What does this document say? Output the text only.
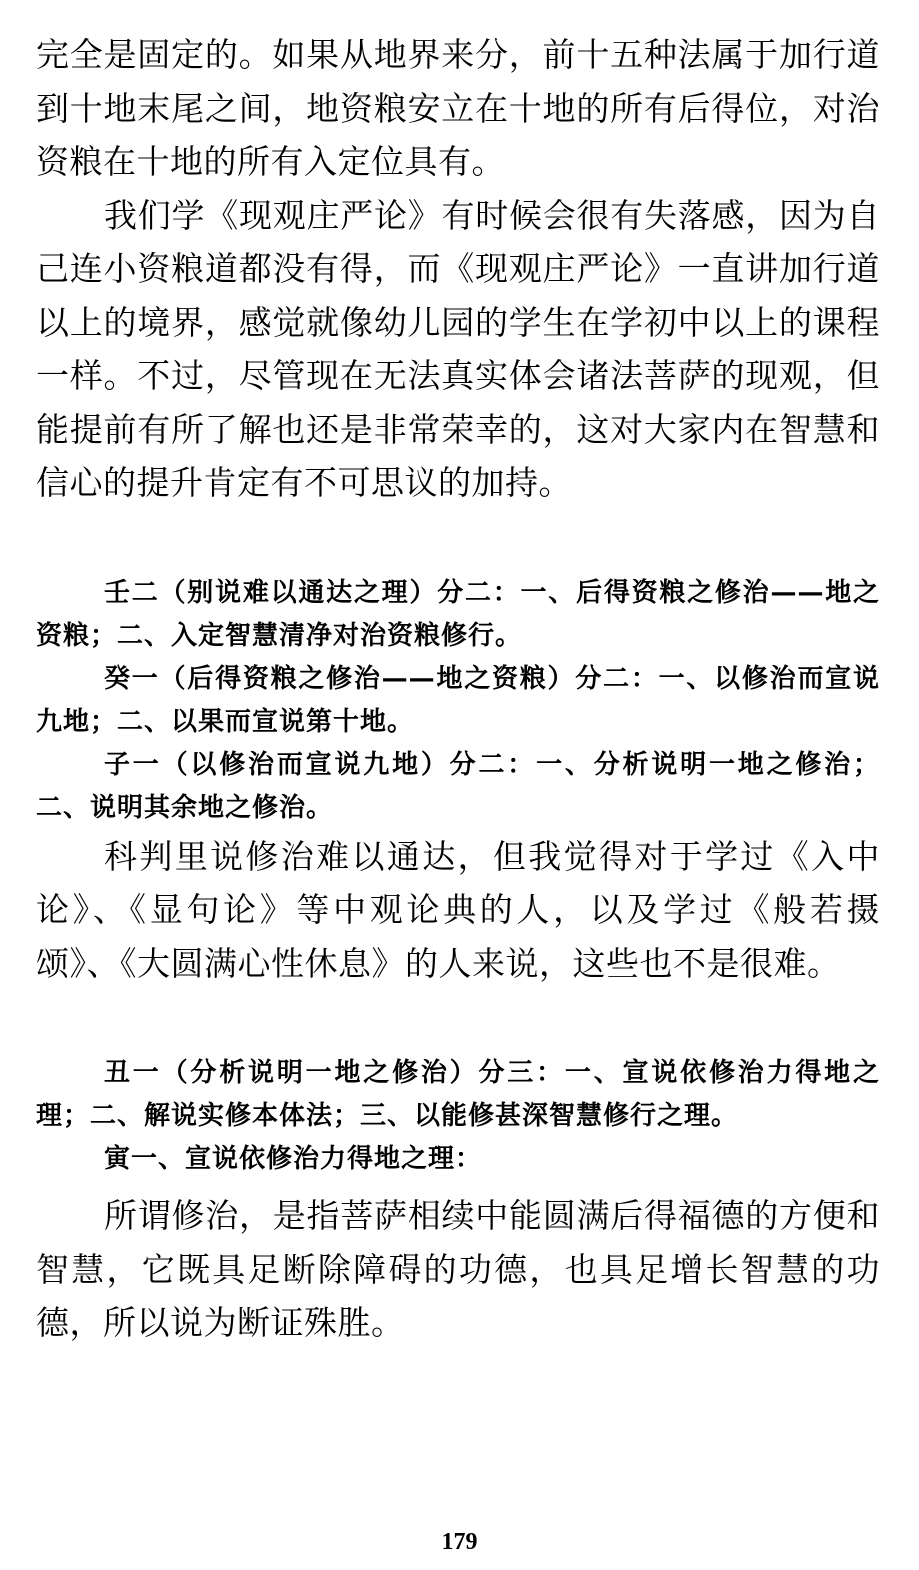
完全是固定的。如果从地界来分，前十五种法属于加行道到十地末尾之间，地资粮安立在十地的所有后得位，对治资粮在十地的所有入定位具有。

我们学《现观庄严论》有时候会很有失落感，因为自己连小资粮道都没有得，而《现观庄严论》一直讲加行道以上的境界，感觉就像幼儿园的学生在学初中以上的课程一样。不过，尽管现在无法真实体会诸法菩萨的现观，但能提前有所了解也还是非常荣幸的，这对大家内在智慧和信心的提升肯定有不可思议的加持。

壬二（别说难以通达之理）分二：一、后得资粮之修治——地之资粮；二、入定智慧清净对治资粮修行。

癸一（后得资粮之修治——地之资粮）分二：一、以修治而宣说九地；二、以果而宣说第十地。

子一（以修治而宣说九地）分二：一、分析说明一地之修治；二、说明其余地之修治。

科判里说修治难以通达，但我觉得对于学过《入中论》、《显句论》等中观论典的人，以及学过《般若摄颂》、《大圆满心性休息》的人来说，这些也不是很难。

丑一（分析说明一地之修治）分三：一、宣说依修治力得地之理；二、解说实修本体法；三、以能修甚深智慧修行之理。

寅一、宣说依修治力得地之理：

所谓修治，是指菩萨相续中能圆满后得福德的方便和智慧，它既具足断除障碍的功德，也具足增长智慧的功德，所以说为断证殊胜。

179
